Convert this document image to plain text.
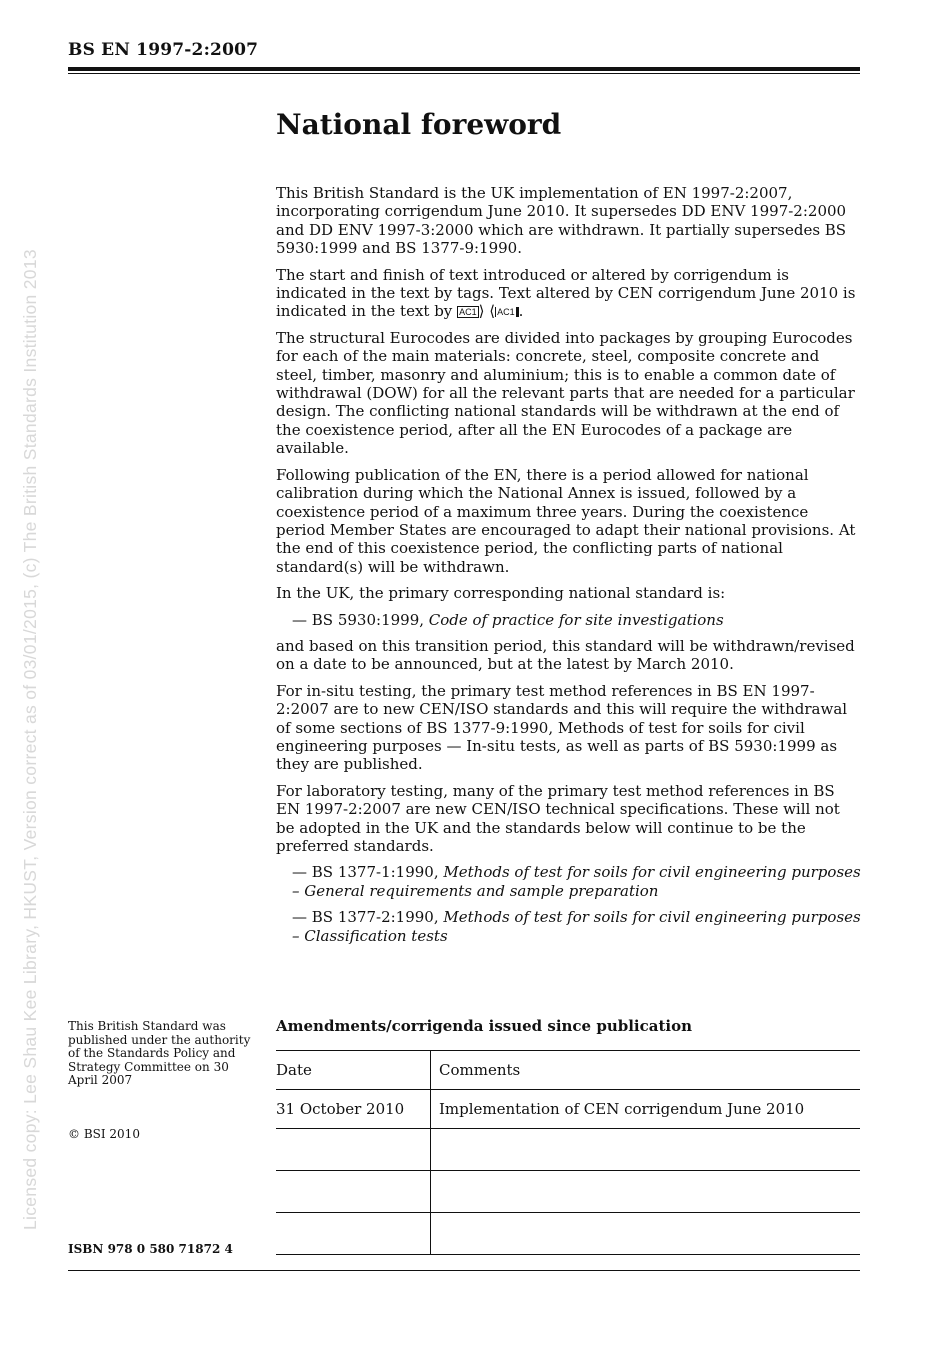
BS EN 1997-2:2007
Licensed copy: Lee Shau Kee Library, HKUST, Version correct as of 03/01/2015, (c) The British Standards Institution 2013
National foreword

This British Standard is the UK implementation of EN 1997-2:2007, incorporating corrigendum June 2010. It supersedes DD ENV 1997-2:2000 and DD ENV 1997-3:2000 which are withdrawn. It partially supersedes BS 5930:1999 and BS 1377-9:1990.

The start and finish of text introduced or altered by corrigendum is indicated in the text by tags. Text altered by CEN corrigendum June 2010 is indicated in the text by AC1 ⟩ ⟨ AC1 .

The structural Eurocodes are divided into packages by grouping Eurocodes for each of the main materials: concrete, steel, composite concrete and steel, timber, masonry and aluminium; this is to enable a common date of withdrawal (DOW) for all the relevant parts that are needed for a particular design. The conflicting national standards will be withdrawn at the end of the coexistence period, after all the EN Eurocodes of a package are available.

Following publication of the EN, there is a period allowed for national calibration during which the National Annex is issued, followed by a coexistence period of a maximum three years. During the coexistence period Member States are encouraged to adapt their national provisions. At the end of this coexistence period, the conflicting parts of national standard(s) will be withdrawn.

In the UK, the primary corresponding national standard is:

— BS 5930:1999, Code of practice for site investigations

and based on this transition period, this standard will be withdrawn/revised on a date to be announced, but at the latest by March 2010.

For in-situ testing, the primary test method references in BS EN 1997-2:2007 are to new CEN/ISO standards and this will require the withdrawal of some sections of BS 1377-9:1990, Methods of test for soils for civil engineering purposes — In-situ tests, as well as parts of BS 5930:1999 as they are published.

For laboratory testing, many of the primary test method references in BS EN 1997-2:2007 are new CEN/ISO technical specifications. These will not be adopted in the UK and the standards below will continue to be the preferred standards.

— BS 1377-1:1990, Methods of test for soils for civil engineering purposes – General requirements and sample preparation

— BS 1377-2:1990, Methods of test for soils for civil engineering purposes – Classification tests

This British Standard was published under the authority of the Standards Policy and Strategy Committee on 30 April 2007
© BSI 2010
ISBN 978 0 580 71872 4
Amendments/corrigenda issued since publication
Date	Comments
31 October 2010	Implementation of CEN corrigendum June 2010
